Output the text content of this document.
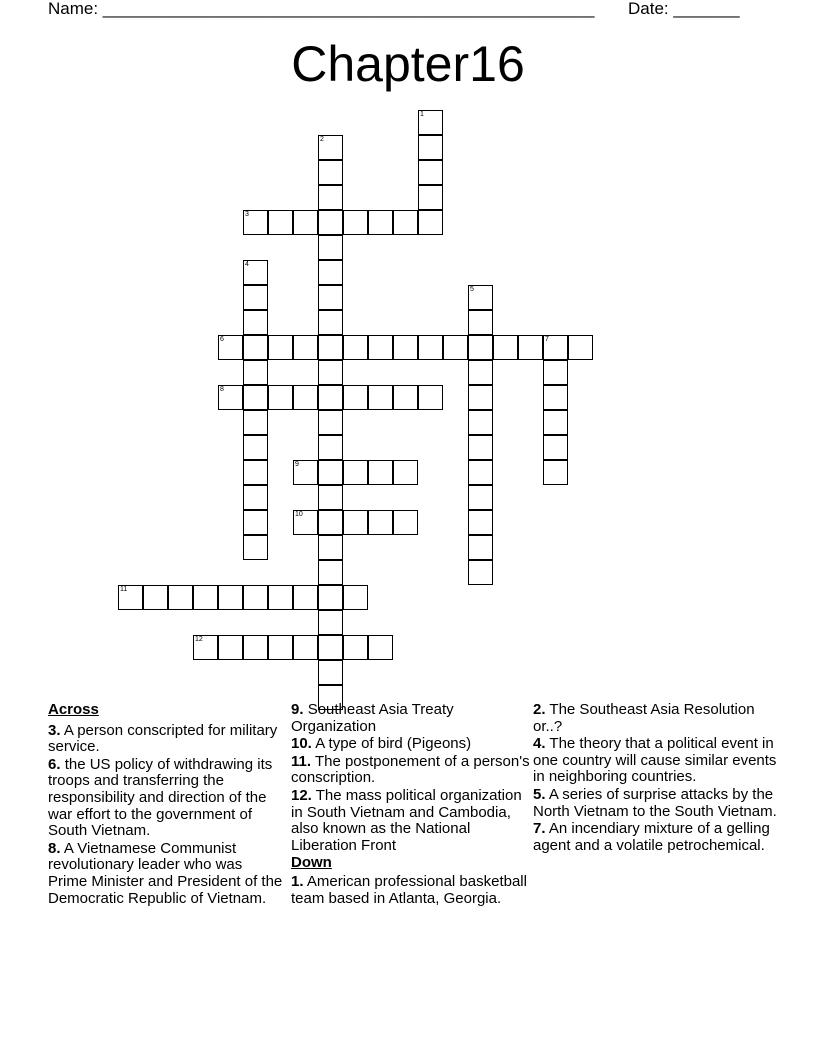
Name: ____________________________________________________ Date: _______
Chapter16
1
2
3
4
5
6	7
8
9
10
11
12
Across
3. A person conscripted for military service.
6. the US policy of withdrawing its troops and transferring the responsibility and direction of the war effort to the government of South Vietnam.
8. A Vietnamese Communist revolutionary leader who was Prime Minister and President of the Democratic Republic of Vietnam.
9. Southeast Asia Treaty Organization
10. A type of bird (Pigeons)
11. The postponement of a person's conscription.
12. The mass political organization in South Vietnam and Cambodia, also known as the National Liberation Front
Down
1. American professional basketball team based in Atlanta, Georgia.
2. The Southeast Asia Resolution or..?
4. The theory that a political event in one country will cause similar events in neighboring countries.
5. A series of surprise attacks by the North Vietnam to the South Vietnam.
7. An incendiary mixture of a gelling agent and a volatile petrochemical.
